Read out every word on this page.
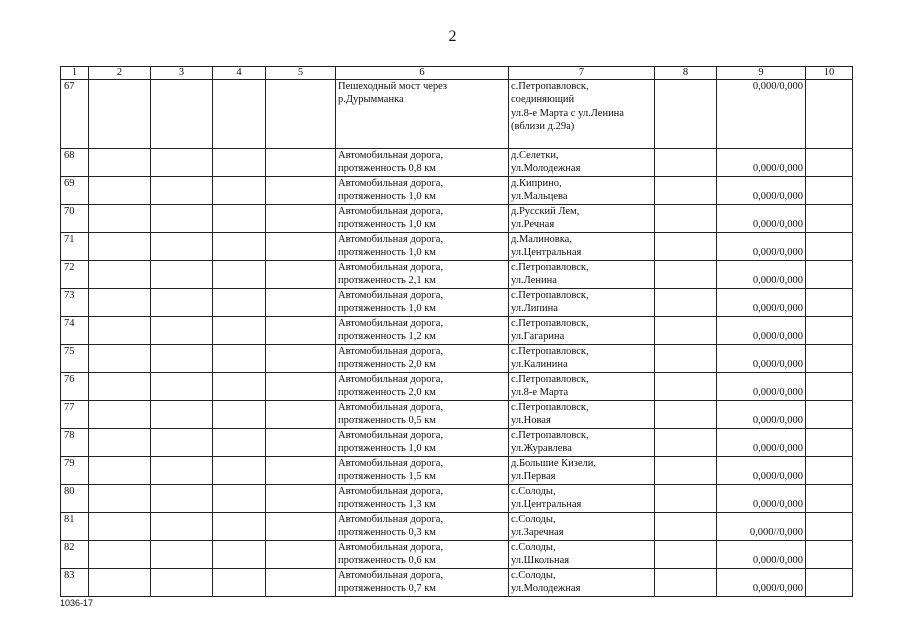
2
1	2	3	4	5	6	7	8	9	10
67					Пешеходный мост через
р.Дурымманка	с.Петропавловск,
соединяющий
ул.8-е Марта с ул.Ленина
(вблизи д.29а)		0,000/0,000	
68					Автомобильная дорога,
протяженность 0,8 км	д.Селетки,
ул.Молодежная		0,000/0,000	
69					Автомобильная дорога,
протяженность 1,0 км	д.Киприно,
ул.Мальцева		0,000/0,000	
70					Автомобильная дорога,
протяженность 1,0 км	д.Русский Лем,
ул.Речная		0,000/0,000	
71					Автомобильная дорога,
протяженность 1,0 км	д.Малиновка,
ул.Центральная		0,000/0,000	
72					Автомобильная дорога,
протяженность 2,1 км	с.Петропавловск,
ул.Ленина		0,000/0,000	
73					Автомобильная дорога,
протяженность 1,0 км	с.Петропавловск,
ул.Липина		0,000/0,000	
74					Автомобильная дорога,
протяженность 1,2 км	с.Петропавловск,
ул.Гагарина		0,000/0,000	
75					Автомобильная дорога,
протяженность 2,0 км	с.Петропавловск,
ул.Калинина		0,000/0,000	
76					Автомобильная дорога,
протяженность 2,0 км	с.Петропавловск,
ул.8-е Марта		0,000/0,000	
77					Автомобильная дорога,
протяженность 0,5 км	с.Петропавловск,
ул.Новая		0,000/0,000	
78					Автомобильная дорога,
протяженность 1,0 км	с.Петропавловск,
ул.Журавлева		0,000/0,000	
79					Автомобильная дорога,
протяженность 1,5 км	д.Большие Кизели,
ул.Первая		0,000/0,000	
80					Автомобильная дорога,
протяженность 1,3 км	с.Солоды,
ул.Центральная		0,000/0,000	
81					Автомобильная дорога,
протяженность 0,3 км	с.Солоды,
ул.Заречная		0,000//0,000	
82					Автомобильная дорога,
протяженность 0,6 км	с.Солоды,
ул.Школьная		0,000/0,000	
83					Автомобильная дорога,
протяженность 0,7 км	с.Солоды,
ул.Молодежная		0,000/0,000	
1036-17
